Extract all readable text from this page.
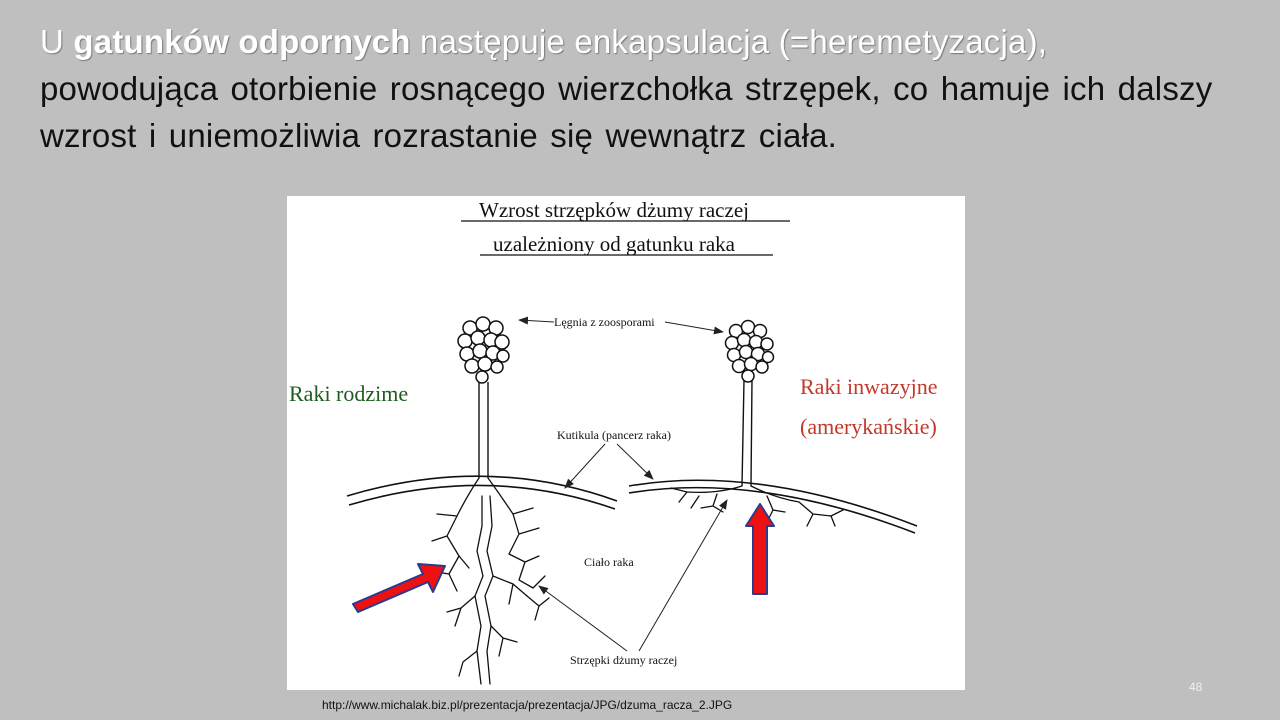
U gatunków odpornych następuje enkapsulacja (=heremetyzacja),
powodująca otorbienie rosnącego wierzchołka strzępek, co hamuje ich dalszy wzrost i uniemożliwia rozrastanie się wewnątrz ciała.
Wzrost strzępków dżumy raczej
uzależniony od gatunku raka
Raki rodzime	Raki inwazyjne
(amerykańskie)
Lęgnia z zoosporami
Kutikula (pancerz raka)
Ciało raka
Strzępki dżumy raczej
http://www.michalak.biz.pl/prezentacja/prezentacja/JPG/dzuma_racza_2.JPG
48
